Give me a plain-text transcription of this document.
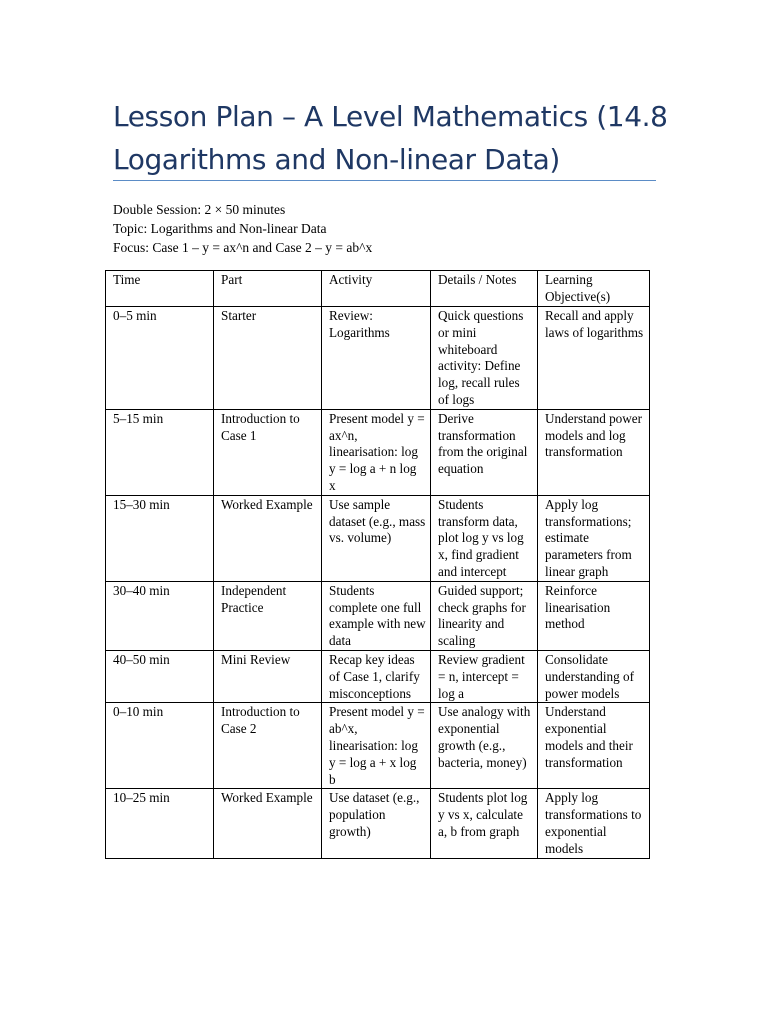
Lesson Plan – A Level Mathematics (14.8 Logarithms and Non-linear Data)
Double Session: 2 × 50 minutes
Topic: Logarithms and Non-linear Data
Focus: Case 1 – y = ax^n and Case 2 – y = ab^x
Time	Part	Activity	Details / Notes	Learning Objective(s)
0–5 min	Starter	Review: Logarithms	Quick questions or mini whiteboard activity: Define log, recall rules of logs	Recall and apply laws of logarithms
5–15 min	Introduction to Case 1	Present model y = ax^n, linearisation: log y = log a + n log x	Derive transformation from the original equation	Understand power models and log transformation
15–30 min	Worked Example	Use sample dataset (e.g., mass vs. volume)	Students transform data, plot log y vs log x, find gradient and intercept	Apply log transformations; estimate parameters from linear graph
30–40 min	Independent Practice	Students complete one full example with new data	Guided support; check graphs for linearity and scaling	Reinforce linearisation method
40–50 min	Mini Review	Recap key ideas of Case 1, clarify misconceptions	Review gradient = n, intercept = log a	Consolidate understanding of power models
0–10 min	Introduction to Case 2	Present model y = ab^x, linearisation: log y = log a + x log b	Use analogy with exponential growth (e.g., bacteria, money)	Understand exponential models and their transformation
10–25 min	Worked Example	Use dataset (e.g., population growth)	Students plot log y vs x, calculate a, b from graph	Apply log transformations to exponential models
